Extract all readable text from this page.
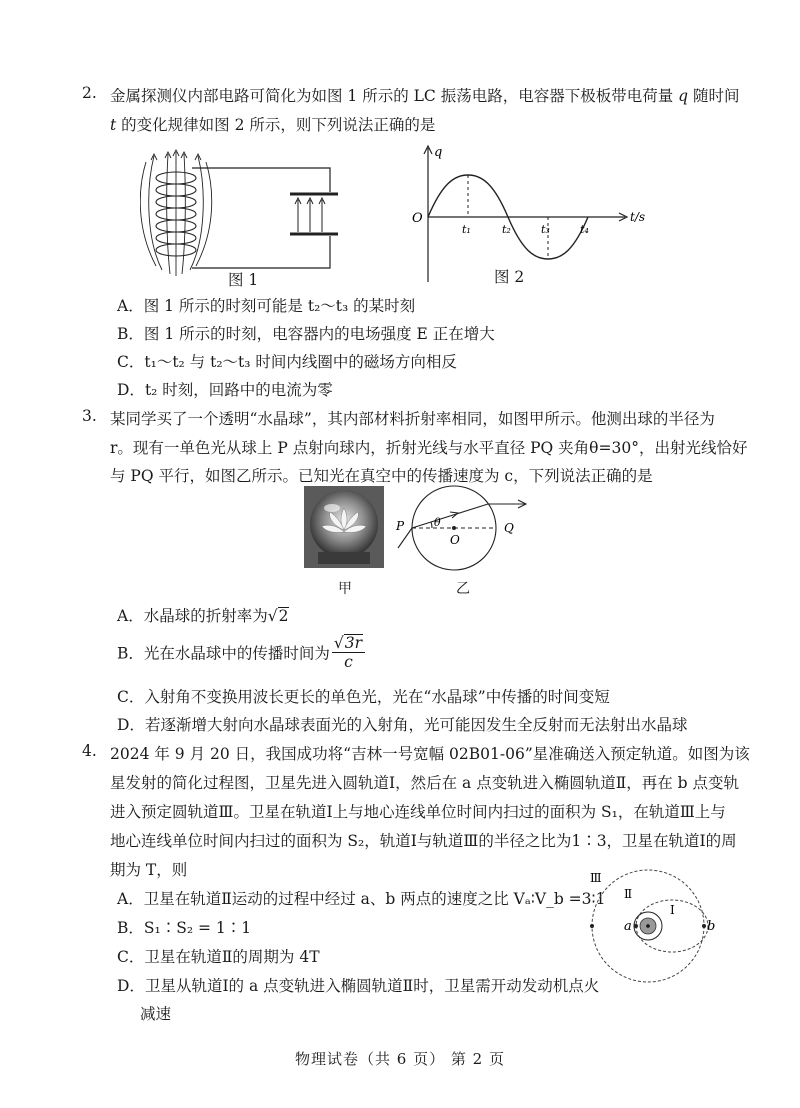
2. 金属探测仪内部电路可简化为如图 1 所示的 LC 振荡电路，电容器下极板带电荷量 q 随时间
t 的变化规律如图 2 所示，则下列说法正确的是
图 1
q
t/s
O
t₁	t₂	t₃	t₄
图 2
A．图 1 所示的时刻可能是 t₂～t₃ 的某时刻
B．图 1 所示的时刻，电容器内的电场强度 E 正在增大
C．t₁～t₂ 与 t₂～t₃ 时间内线圈中的磁场方向相反
D．t₂ 时刻，回路中的电流为零
3. 某同学买了一个透明“水晶球”，其内部材料折射率相同，如图甲所示。他测出球的半径为
r。现有一单色光从球上 P 点射向球内，折射光线与水平直径 PQ 夹角θ=30°，出射光线恰好
与 PQ 平行，如图乙所示。已知光在真空中的传播速度为 c，下列说法正确的是
甲
P	Q
O
θ
乙
A．水晶球的折射率为√2
B．光在水晶球中的传播时间为 $\frac{√3r}{c}$
C．入射角不变换用波长更长的单色光，光在“水晶球”中传播的时间变短
D．若逐渐增大射向水晶球表面光的入射角，光可能因发生全反射而无法射出水晶球
4. 2024 年 9 月 20 日，我国成功将“吉林一号宽幅 02B01-06”星准确送入预定轨道。如图为该
星发射的简化过程图，卫星先进入圆轨道Ⅰ，然后在 a 点变轨进入椭圆轨道Ⅱ，再在 b 点变轨
进入预定圆轨道Ⅲ。卫星在轨道Ⅰ上与地心连线单位时间内扫过的面积为 S₁，在轨道Ⅲ上与
地心连线单位时间内扫过的面积为 S₂，轨道Ⅰ与轨道Ⅲ的半径之比为1∶3，卫星在轨道Ⅰ的周
期为 T，则
A．卫星在轨道Ⅱ运动的过程中经过 a、b 两点的速度之比 Vₐ∶V_b =3∶1
B．S₁∶S₂ = 1∶1
C．卫星在轨道Ⅱ的周期为 4T
D．卫星从轨道Ⅰ的 a 点变轨进入椭圆轨道Ⅱ时，卫星需开动发动机点火
减速
Ⅲ
Ⅱ
Ⅰ
a	b
物理试卷（共 6 页） 第 2 页
